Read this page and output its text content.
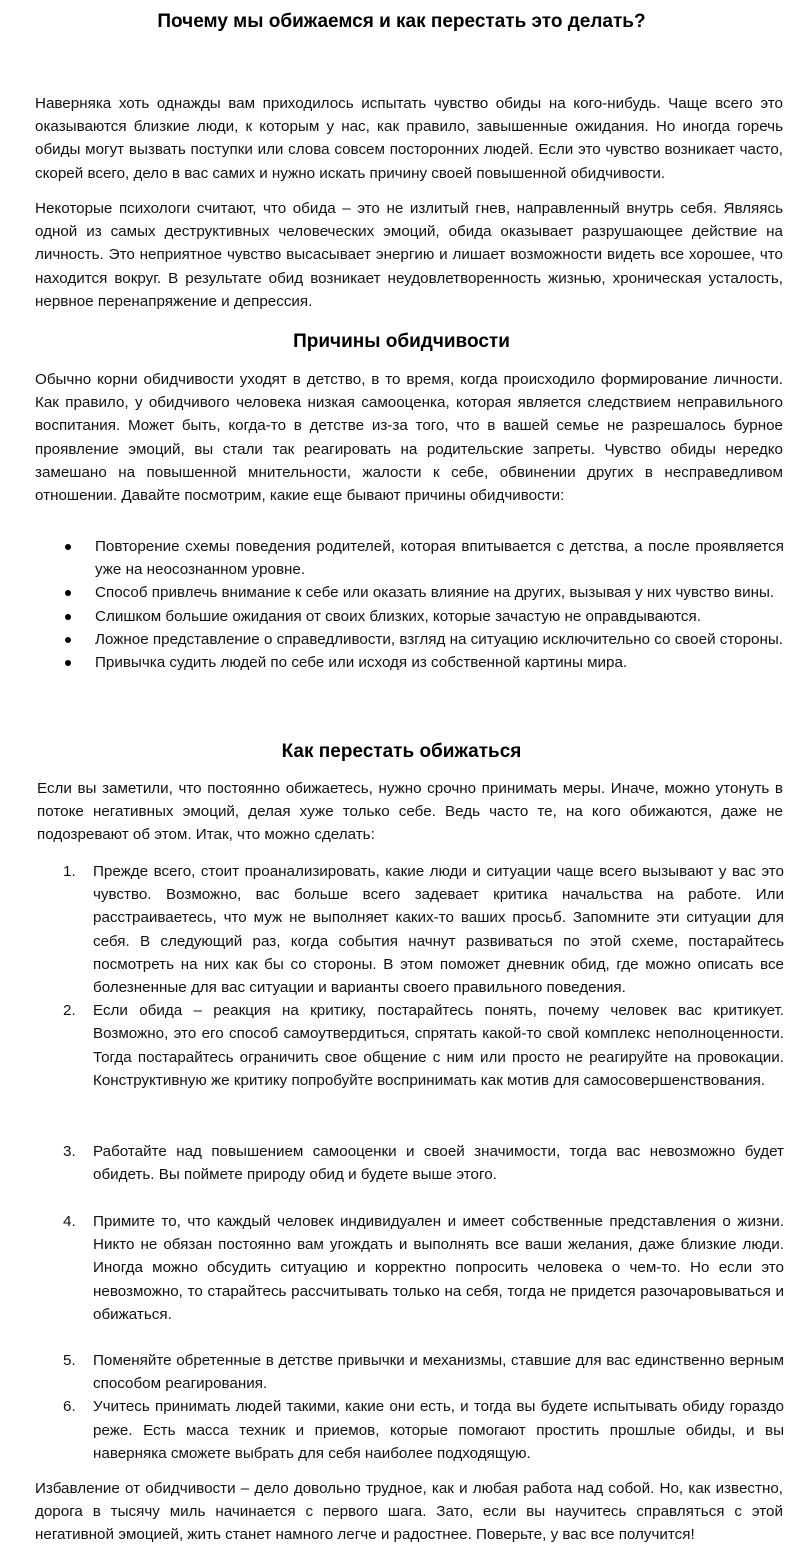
Почему мы обижаемся и как перестать это делать?

Наверняка хоть однажды вам приходилось испытать чувство обиды на кого-нибудь. Чаще всего это оказываются близкие люди, к которым у нас, как правило, завышенные ожидания. Но иногда горечь обиды могут вызвать поступки или слова совсем посторонних людей. Если это чувство возникает часто, скорей всего, дело в вас самих и нужно искать причину своей повышенной обидчивости.

Некоторые психологи считают, что обида – это не излитый гнев, направленный внутрь себя. Являясь одной из самых деструктивных человеческих эмоций, обида оказывает разрушающее действие на личность. Это неприятное чувство высасывает энергию и лишает возможности видеть все хорошее, что находится вокруг. В результате обид возникает неудовлетворенность жизнью, хроническая усталость, нервное перенапряжение и депрессия.

Причины обидчивости

Обычно корни обидчивости уходят в детство, в то время, когда происходило формирование личности. Как правило, у обидчивого человека низкая самооценка, которая является следствием неправильного воспитания. Может быть, когда-то в детстве из-за того, что в вашей семье не разрешалось бурное проявление эмоций, вы стали так реагировать на родительские запреты. Чувство обиды нередко замешано на повышенной мнительности, жалости к себе, обвинении других в несправедливом отношении. Давайте посмотрим, какие еще бывают причины обидчивости:

Повторение схемы поведения родителей, которая впитывается с детства, а после проявляется уже на неосознанном уровне.
Способ привлечь внимание к себе или оказать влияние на других, вызывая у них чувство вины.
Слишком большие ожидания от своих близких, которые зачастую не оправдываются.
Ложное представление о справедливости, взгляд на ситуацию исключительно со своей стороны.
Привычка судить людей по себе или исходя из собственной картины мира.
Как перестать обижаться

Если вы заметили, что постоянно обижаетесь, нужно срочно принимать меры. Иначе, можно утонуть в потоке негативных эмоций, делая хуже только себе. Ведь часто те, на кого обижаются, даже не подозревают об этом. Итак, что можно сделать:

1. Прежде всего, стоит проанализировать, какие люди и ситуации чаще всего вызывают у вас это чувство. Возможно, вас больше всего задевает критика начальства на работе. Или расстраиваетесь, что муж не выполняет каких-то ваших просьб. Запомните эти ситуации для себя. В следующий раз, когда события начнут развиваться по этой схеме, постарайтесь посмотреть на них как бы со стороны. В этом поможет дневник обид, где можно описать все болезненные для вас ситуации и варианты своего правильного поведения.
2. Если обида – реакция на критику, постарайтесь понять, почему человек вас критикует. Возможно, это его способ самоутвердиться, спрятать какой-то свой комплекс неполноценности. Тогда постарайтесь ограничить свое общение с ним или просто не реагируйте на провокации. Конструктивную же критику попробуйте воспринимать как мотив для самосовершенствования.
3. Работайте над повышением самооценки и своей значимости, тогда вас невозможно будет обидеть. Вы поймете природу обид и будете выше этого.
4. Примите то, что каждый человек индивидуален и имеет собственные представления о жизни. Никто не обязан постоянно вам угождать и выполнять все ваши желания, даже близкие люди. Иногда можно обсудить ситуацию и корректно попросить человека о чем-то. Но если это невозможно, то старайтесь рассчитывать только на себя, тогда не придется разочаровываться и обижаться.
5. Поменяйте обретенные в детстве привычки и механизмы, ставшие для вас единственно верным способом реагирования.
6. Учитесь принимать людей такими, какие они есть, и тогда вы будете испытывать обиду гораздо реже. Есть масса техник и приемов, которые помогают простить прошлые обиды, и вы наверняка сможете выбрать для себя наиболее подходящую.

Избавление от обидчивости – дело довольно трудное, как и любая работа над собой. Но, как известно, дорога в тысячу миль начинается с первого шага. Зато, если вы научитесь справляться с этой негативной эмоцией, жить станет намного легче и радостнее. Поверьте, у вас все получится!
